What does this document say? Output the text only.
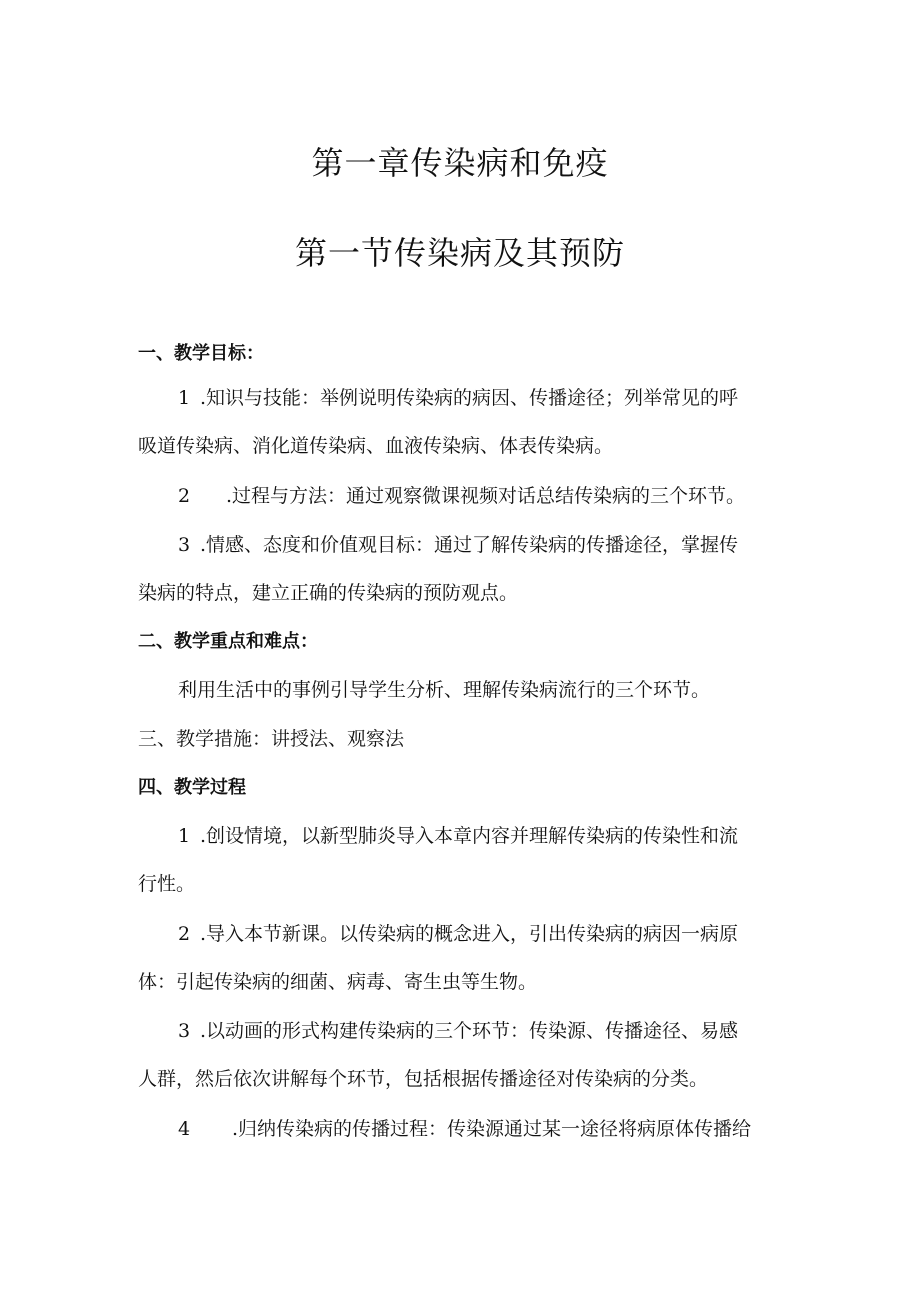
第一章传染病和免疫
第一节传染病及其预防

一、教学目标：

1 .知识与技能：举例说明传染病的病因、传播途径；列举常见的呼

吸道传染病、消化道传染病、血液传染病、体表传染病。

2 .过程与方法：通过观察微课视频对话总结传染病的三个环节。

3 .情感、态度和价值观目标：通过了解传染病的传播途径，掌握传

染病的特点，建立正确的传染病的预防观点。

二、教学重点和难点：

利用生活中的事例引导学生分析、理解传染病流行的三个环节。

三、教学措施：讲授法、观察法

四、教学过程

1 .创设情境，以新型肺炎导入本章内容并理解传染病的传染性和流

行性。

2 .导入本节新课。以传染病的概念进入，引出传染病的病因一病原

体：引起传染病的细菌、病毒、寄生虫等生物。

3 .以动画的形式构建传染病的三个环节：传染源、传播途径、易感

人群，然后依次讲解每个环节，包括根据传播途径对传染病的分类。

4 .归纳传染病的传播过程：传染源通过某一途径将病原体传播给
